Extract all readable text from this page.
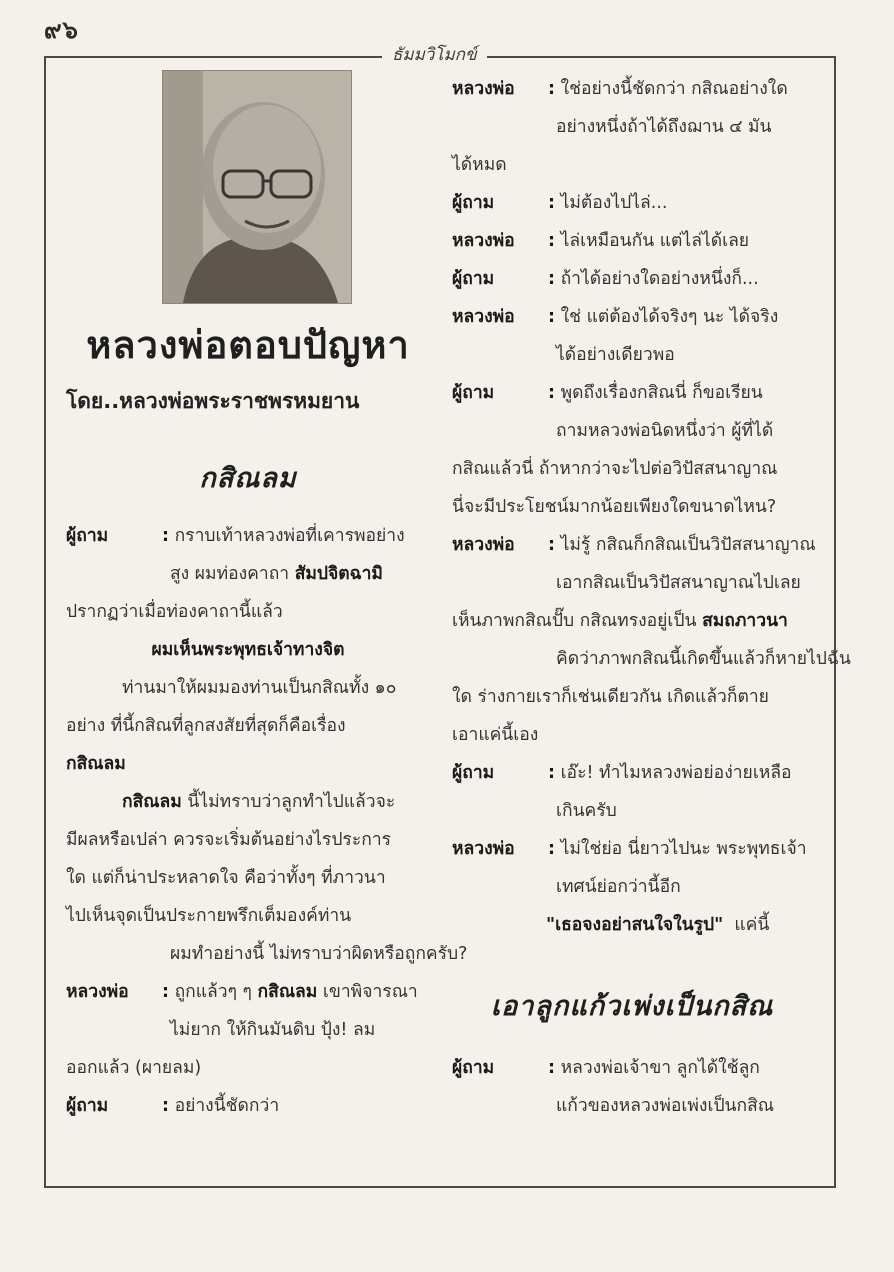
๙๖
ธัมมวิโมกข์
หลวงพ่อตอบปัญหา
โดย..หลวงพ่อพระราชพรหมยาน
กสิณลม
ผู้ถาม	: กราบเท้าหลวงพ่อที่เคารพอย่าง
สูง ผมท่องคาถา สัมปจิตฉามิ
ปรากฏว่าเมื่อท่องคาถานี้แล้ว
ผมเห็นพระพุทธเจ้าทางจิต
ท่านมาให้ผมมองท่านเป็นกสิณทั้ง ๑๐
อย่าง ที่นี้กสิณที่ลูกสงสัยที่สุดก็คือเรื่อง
กสิณลม
กสิณลม นี้ไม่ทราบว่าลูกทำไปแล้วจะ
มีผลหรือเปล่า ควรจะเริ่มต้นอย่างไรประการ
ใด แต่ก็น่าประหลาดใจ คือว่าทั้งๆ ที่ภาวนา
ไปเห็นจุดเป็นประกายพรึกเต็มองค์ท่าน
ผมทำอย่างนี้ ไม่ทราบว่าผิดหรือถูกครับ?
หลวงพ่อ : ถูกแล้วๆ ๆ กสิณลม เขาพิจารณา
ไม่ยาก ให้กินมันดิบ ปุ้ง! ลม
ออกแล้ว (ผายลม)
ผู้ถาม	: อย่างนี้ชัดกว่า
หลวงพ่อ : ใช่อย่างนี้ชัดกว่า กสิณอย่างใด
อย่างหนึ่งถ้าได้ถึงฌาน ๔ มัน
ได้หมด
ผู้ถาม	: ไม่ต้องไปไล่...
หลวงพ่อ : ไล่เหมือนกัน แต่ไล่ได้เลย
ผู้ถาม	: ถ้าได้อย่างใดอย่างหนึ่งก็...
หลวงพ่อ : ใช่ แต่ต้องได้จริงๆ นะ ได้จริง
ได้อย่างเดียวพอ
ผู้ถาม	: พูดถึงเรื่องกสิณนี่ ก็ขอเรียน
ถามหลวงพ่อนิดหนึ่งว่า ผู้ที่ได้
กสิณแล้วนี่ ถ้าหากว่าจะไปต่อวิปัสสนาญาณ
นี่จะมีประโยชน์มากน้อยเพียงใดขนาดไหน?
หลวงพ่อ : ไม่รู้ กสิณก็กสิณเป็นวิปัสสนาญาณ
เอากสิณเป็นวิปัสสนาญาณไปเลย
เห็นภาพกสิณปั๊บ กสิณทรงอยู่เป็น สมถภาวนา
คิดว่าภาพกสิณนี้เกิดขึ้นแล้วก็หายไปฉัน
ใด ร่างกายเราก็เช่นเดียวกัน เกิดแล้วก็ตาย
เอาแค่นี้เอง
ผู้ถาม	: เอ๊ะ! ทำไมหลวงพ่อย่อง่ายเหลือ
เกินครับ
หลวงพ่อ : ไม่ใช่ย่อ นี่ยาวไปนะ พระพุทธเจ้า
เทศน์ย่อกว่านี้อีก
"เธอจงอย่าสนใจในรูป" แค่นี้
เอาลูกแก้วเพ่งเป็นกสิณ
ผู้ถาม	: หลวงพ่อเจ้าขา ลูกได้ใช้ลูก
แก้วของหลวงพ่อเพ่งเป็นกสิณ
